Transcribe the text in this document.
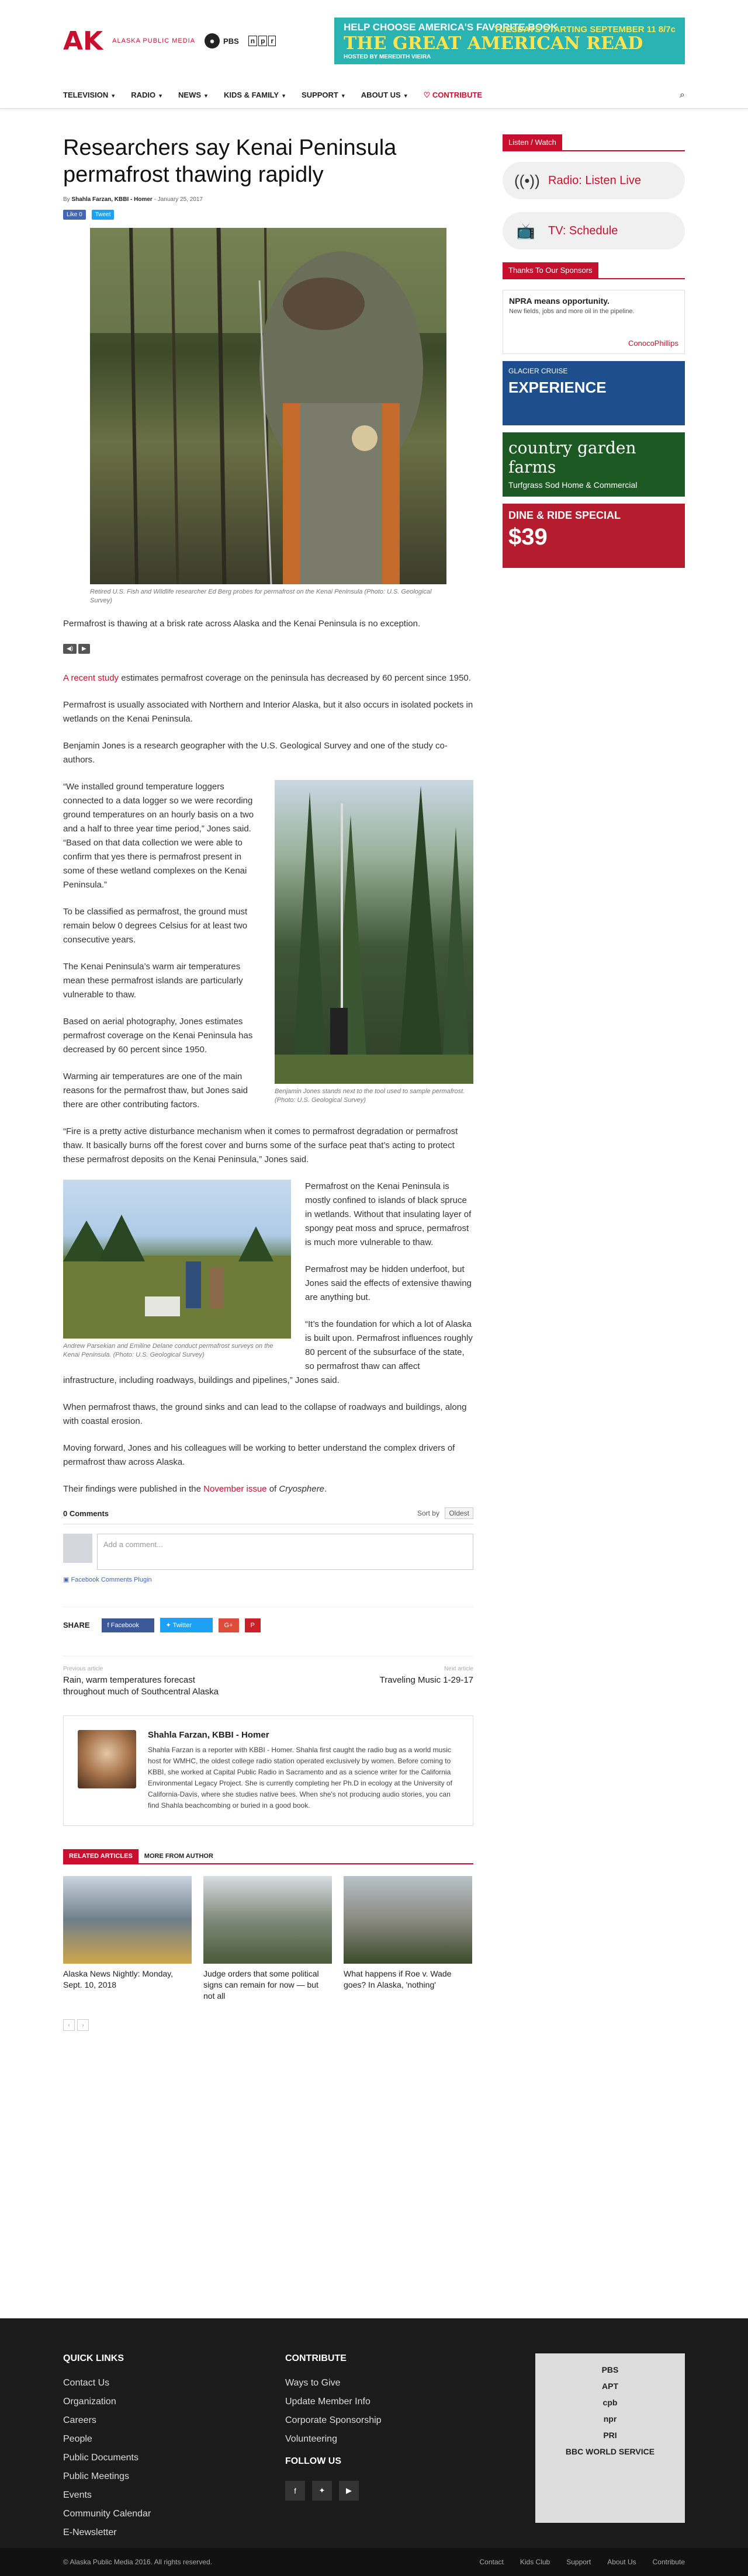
AK ALASKA PUBLIC MEDIA	◉	PBS	n p r
HELP CHOOSE AMERICA'S FAVORITE BOOK
THE GREAT AMERICAN READ
HOSTED BY MEREDITH VIEIRA
TUESDAYS STARTING SEPTEMBER 11 8/7c
TELEVISION ▼ RADIO ▼ NEWS ▼ KIDS & FAMILY ▼ SUPPORT ▼ ABOUT US ▼ ♡ CONTRIBUTE	⌕
Researchers say Kenai Peninsula permafrost thawing rapidly
By Shahla Farzan, KBBI - Homer - January 25, 2017
Like 0	Tweet
Retired U.S. Fish and Wildlife researcher Ed Berg probes for permafrost on the Kenai Peninsula (Photo: U.S. Geological Survey)

Permafrost is thawing at a brisk rate across Alaska and the Kenai Peninsula is no exception.

◀)	▶

A recent study estimates permafrost coverage on the peninsula has decreased by 60 percent since 1950.

Permafrost is usually associated with Northern and Interior Alaska, but it also occurs in isolated pockets in wetlands on the Kenai Peninsula.

Benjamin Jones is a research geographer with the U.S. Geological Survey and one of the study co-authors.

Benjamin Jones stands next to the tool used to sample permafrost. (Photo: U.S. Geological Survey)

“We installed ground temperature loggers connected to a data logger so we were recording ground temperatures on an hourly basis on a two and a half to three year time period,” Jones said. “Based on that data collection we were able to confirm that yes there is permafrost present in some of these wetland complexes on the Kenai Peninsula.”

To be classified as permafrost, the ground must remain below 0 degrees Celsius for at least two consecutive years.

The Kenai Peninsula’s warm air temperatures mean these permafrost islands are particularly vulnerable to thaw.

Based on aerial photography, Jones estimates permafrost coverage on the Kenai Peninsula has decreased by 60 percent since 1950.

Warming air temperatures are one of the main reasons for the permafrost thaw, but Jones said there are other contributing factors.

“Fire is a pretty active disturbance mechanism when it comes to permafrost degradation or permafrost thaw. It basically burns off the forest cover and burns some of the surface peat that’s acting to protect these permafrost deposits on the Kenai Peninsula,” Jones said.

Andrew Parsekian and Emiline Delane conduct permafrost surveys on the Kenai Peninsula. (Photo: U.S. Geological Survey)

Permafrost on the Kenai Peninsula is mostly confined to islands of black spruce in wetlands. Without that insulating layer of spongy peat moss and spruce, permafrost is much more vulnerable to thaw.

Permafrost may be hidden underfoot, but Jones said the effects of extensive thawing are anything but.

“It’s the foundation for which a lot of Alaska is built upon. Permafrost influences roughly 80 percent of the subsurface of the state, so permafrost thaw can affect infrastructure, including roadways, buildings and pipelines,” Jones said.

When permafrost thaws, the ground sinks and can lead to the collapse of roadways and buildings, along with coastal erosion.

Moving forward, Jones and his colleagues will be working to better understand the complex drivers of permafrost thaw across Alaska.

Their findings were published in the November issue of Cryosphere.

0 Comments	Sort by Oldest
Add a comment...
▣ Facebook Comments Plugin
SHARE	f Facebook	✦ Twitter	G+	P
Previous article
Rain, warm temperatures forecast throughout much of Southcentral Alaska
Next article
Traveling Music 1-29-17
Shahla Farzan, KBBI - Homer
Shahla Farzan is a reporter with KBBI - Homer. Shahla first caught the radio bug as a world music host for WMHC, the oldest college radio station operated exclusively by women. Before coming to KBBI, she worked at Capital Public Radio in Sacramento and as a science writer for the California Environmental Legacy Project. She is currently completing her Ph.D in ecology at the University of California-Davis, where she studies native bees. When she's not producing audio stories, you can find Shahla beachcombing or buried in a good book.
RELATED ARTICLES	MORE FROM AUTHOR
Alaska News Nightly: Monday, Sept. 10, 2018
Judge orders that some political signs can remain for now — but not all
What happens if Roe v. Wade goes? In Alaska, 'nothing'
‹	›
Listen / Watch
((•)) Radio: Listen Live
📺 TV: Schedule
Thanks To Our Sponsors
NPRA means opportunity.
New fields, jobs and more oil in the pipeline.
ConocoPhillips
GLACIER CRUISE
EXPERIENCE
country garden farms
Turfgrass Sod Home & Commercial
DINE & RIDE SPECIAL
$39
QUICK LINKS
Contact Us
Organization
Careers
People
Public Documents
Public Meetings
Events
Community Calendar
E-Newsletter
CONTRIBUTE
Ways to Give
Update Member Info
Corporate Sponsorship
Volunteering
FOLLOW US
f	✦	▶
PBS
APT
cpb
npr
PRI
BBC WORLD SERVICE
© Alaska Public Media 2016. All rights reserved.	Contact Kids Club Support About Us Contribute
